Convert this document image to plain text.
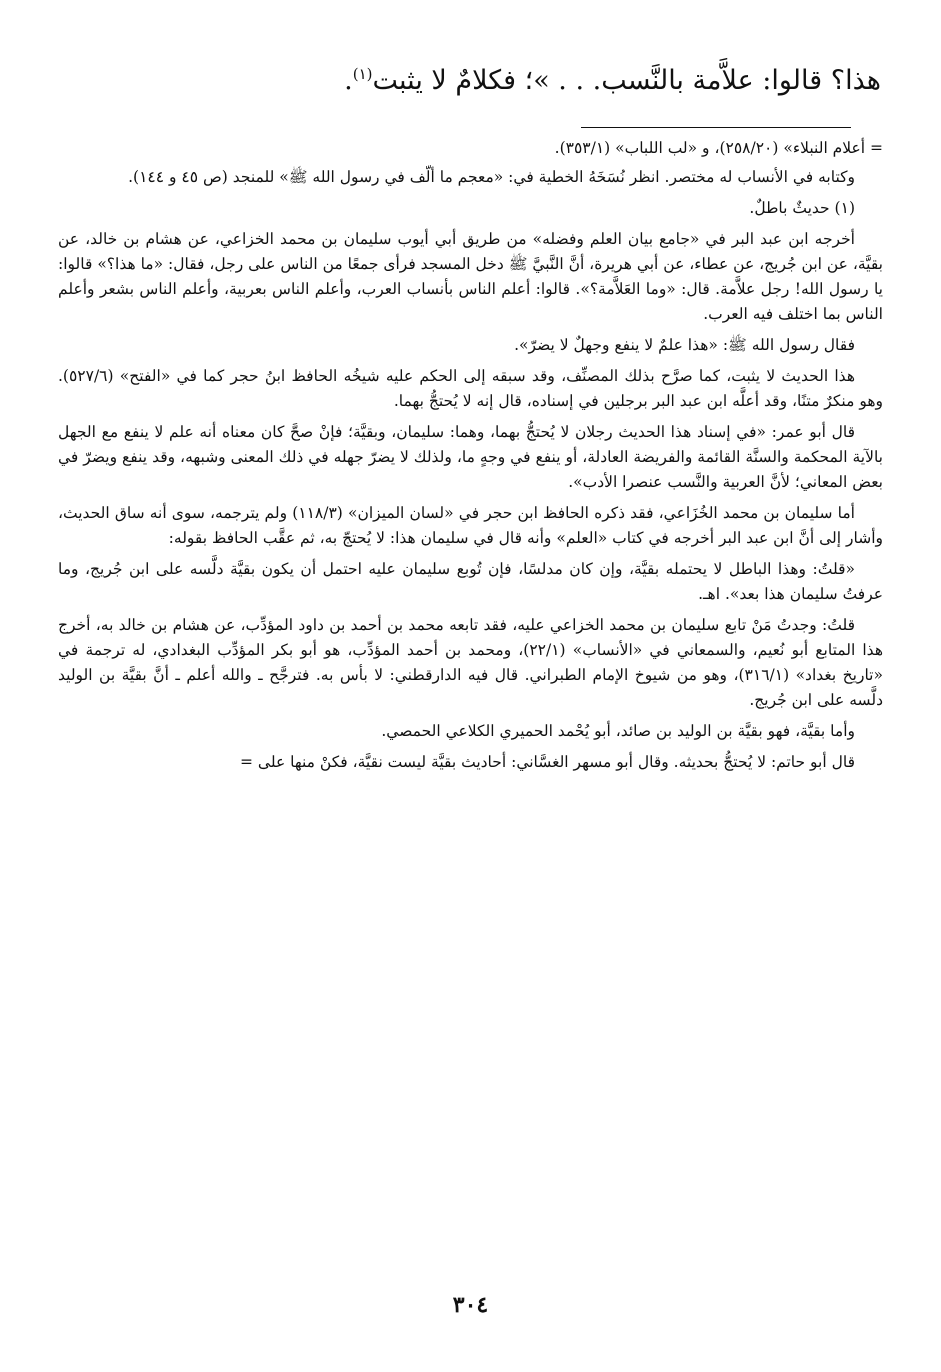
هذا؟ قالوا: علاَّمة بالنَّسب. . . »؛ فكلامٌ لا يثبت$^{(١)}$.

= أعلام النبلاء» (٢٥٨/٢٠)، و «لب اللباب» (٣٥٣/١).

وكتابه في الأنساب له مختصر. انظر نُسَخَهُ الخطية في: «معجم ما ألّف في رسول الله ﷺ» للمنجد (ص ٤٥ و ١٤٤).

(١) حديثٌ باطلٌ.

أخرجه ابن عبد البر في «جامع بيان العلم وفضله» من طريق أبي أيوب سليمان بن محمد الخزاعي، عن هشام بن خالد، عن بقيَّة، عن ابن جُريج، عن عطاء، عن أبي هريرة، أنَّ النَّبيَّ ﷺ دخل المسجد فرأى جمعًا من الناس على رجل، فقال: «ما هذا؟» قالوا: يا رسول الله! رجل علاَّمة. قال: «وما العَلاَّمة؟». قالوا: أعلم الناس بأنساب العرب، وأعلم الناس بعربية، وأعلم الناس بشعر وأعلم الناس بما اختلف فيه العرب.

فقال رسول الله ﷺ: «هذا علمٌ لا ينفع وجهلٌ لا يضرّ».

هذا الحديث لا يثبت، كما صرَّح بذلك المصنِّف، وقد سبقه إلى الحكم عليه شيخُه الحافظ ابنُ حجر كما في «الفتح» (٥٢٧/٦). وهو منكرٌ متنًا، وقد أعلَّه ابن عبد البر برجلين في إسناده، قال إنه لا يُحتجُّ بهما.

قال أبو عمر: «في إسناد هذا الحديث رجلان لا يُحتجُّ بهما، وهما: سليمان، وبقيَّة؛ فإنْ صحَّ كان معناه أنه علم لا ينفع مع الجهل بالآية المحكمة والسنَّة القائمة والفريضة العادلة، أو ينفع في وجهٍ ما، ولذلك لا يضرّ جهله في ذلك المعنى وشبهه، وقد ينفع ويضرّ في بعض المعاني؛ لأنَّ العربية والنَّسب عنصرا الأدب».

أما سليمان بن محمد الخُزَاعي، فقد ذكره الحافظ ابن حجر في «لسان الميزان» (١١٨/٣) ولم يترجمه، سوى أنه ساق الحديث، وأشار إلى أنَّ ابن عبد البر أخرجه في كتاب «العلم» وأنه قال في سليمان هذا: لا يُحتجّ به، ثم عقَّب الحافظ بقوله:

«قلتُ: وهذا الباطل لا يحتمله بقيَّة، وإن كان مدلسًا، فإن تُوبع سليمان عليه احتمل أن يكون بقيَّة دلَّسه على ابن جُريج، وما عرفتُ سليمان هذا بعد». اهـ.

قلتُ: وجدتُ مَنْ تابع سليمان بن محمد الخزاعي عليه، فقد تابعه محمد بن أحمد بن داود المؤدِّب، عن هشام بن خالد به، أخرج هذا المتابع أبو نُعيم، والسمعاني في «الأنساب» (٢٢/١)، ومحمد بن أحمد المؤدِّب، هو أبو بكر المؤدِّب البغدادي، له ترجمة في «تاريخ بغداد» (٣١٦/١)، وهو من شيوخ الإمام الطبراني. قال فيه الدارقطني: لا بأس به. فترجَّح ـ والله أعلم ـ أنَّ بقيَّة بن الوليد دلَّسه على ابن جُريج.

وأما بقيَّة، فهو بقيَّة بن الوليد بن صائد، أبو يُحْمد الحميري الكلاعي الحمصي.

قال أبو حاتم: لا يُحتجُّ بحديثه. وقال أبو مسهر الغسَّاني: أحاديث بقيَّة ليست نقيَّة، فكنْ منها على =

٣٠٤
